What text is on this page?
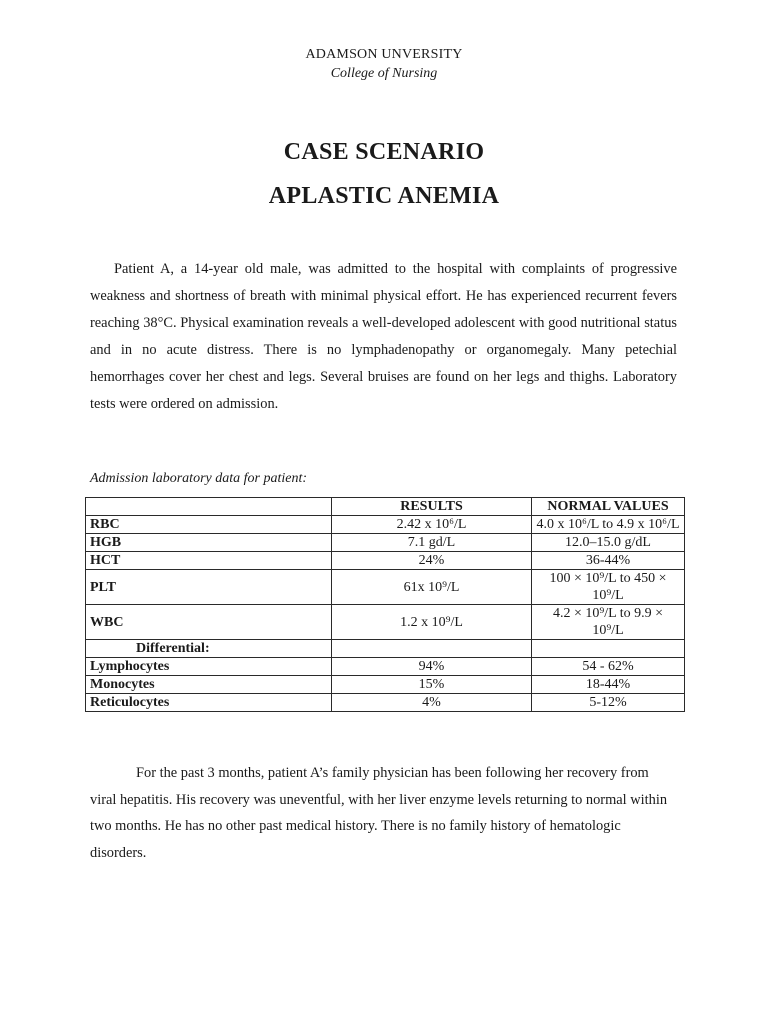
ADAMSON UNVERSITY
College of Nursing
CASE SCENARIO
APLASTIC ANEMIA
Patient A, a 14-year old male, was admitted to the hospital with complaints of progressive weakness and shortness of breath with minimal physical effort. He has experienced recurrent fevers reaching 38°C. Physical examination reveals a well-developed adolescent with good nutritional status and in no acute distress. There is no lymphadenopathy or organomegaly. Many petechial hemorrhages cover her chest and legs. Several bruises are found on her legs and thighs. Laboratory tests were ordered on admission.
Admission laboratory data for patient:
	RESULTS	NORMAL VALUES
RBC	2.42 x 10⁶/L	4.0 x 10⁶/L to 4.9 x 10⁶/L
HGB	7.1 gd/L	12.0–15.0 g/dL
HCT	24%	36-44%
PLT	61x 10⁹/L	100 × 10⁹/L to 450 × 10⁹/L
WBC	1.2 x 10⁹/L	4.2 × 10⁹/L to 9.9 × 10⁹/L
Differential:		
Lymphocytes	94%	54 - 62%
Monocytes	15%	18-44%
Reticulocytes	4%	5-12%
For the past 3 months, patient A’s family physician has been following her recovery from viral hepatitis. His recovery was uneventful, with her liver enzyme levels returning to normal within two months. He has no other past medical history. There is no family history of hematologic disorders.
